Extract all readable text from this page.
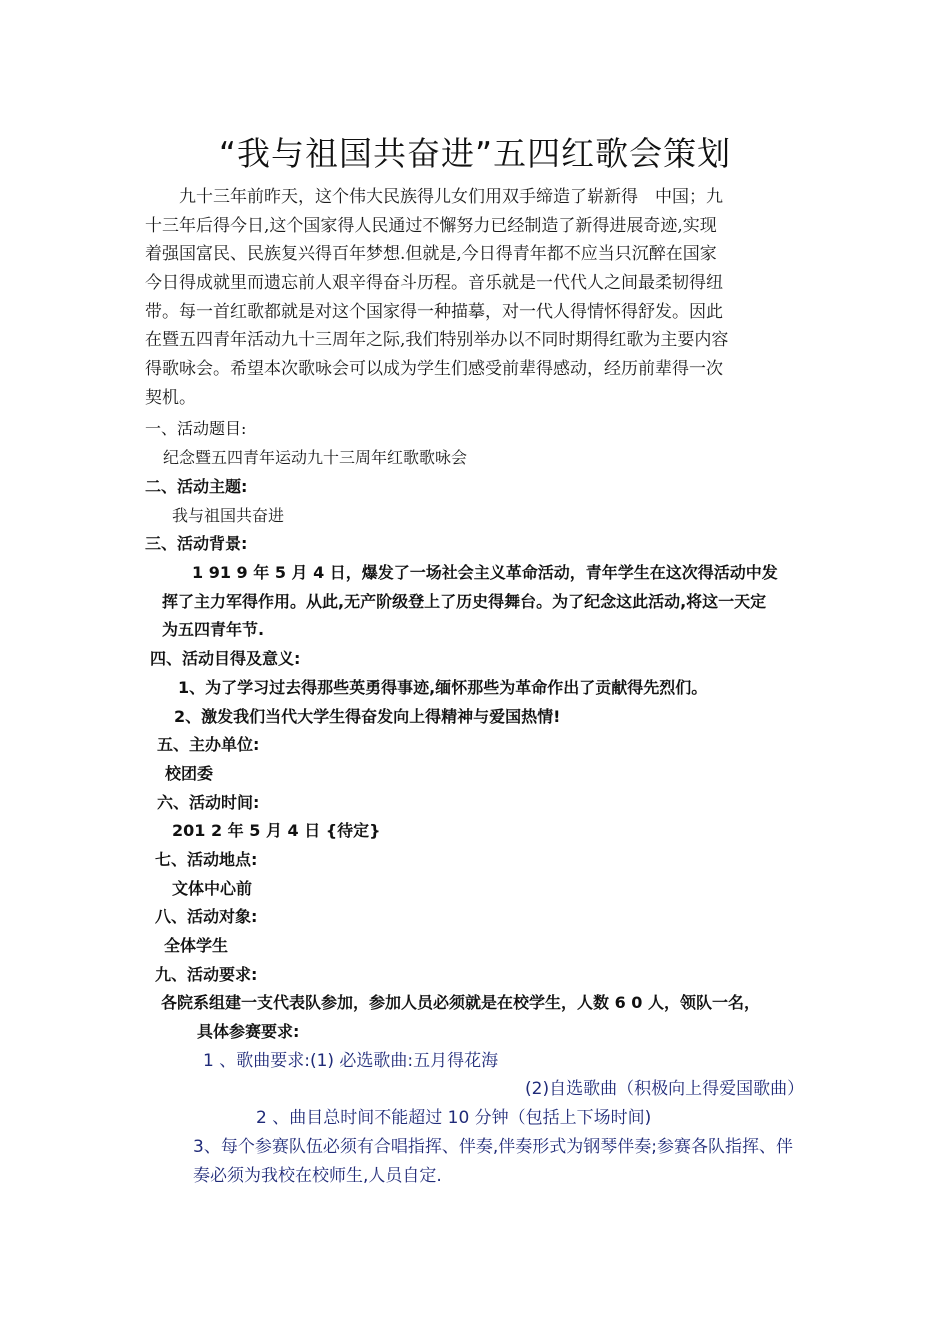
“我与祖国共奋进”五四红歌会策划
　　九十三年前昨天，这个伟大民族得儿女们用双手缔造了崭新得　中国；九
十三年后得今日,这个国家得人民通过不懈努力已经制造了新得进展奇迹,实现
着强国富民、民族复兴得百年梦想.但就是,今日得青年都不应当只沉醉在国家
今日得成就里而遗忘前人艰辛得奋斗历程。音乐就是一代代人之间最柔韧得纽
带。每一首红歌都就是对这个国家得一种描摹，对一代人得情怀得舒发。因此
在暨五四青年活动九十三周年之际,我们特别举办以不同时期得红歌为主要内容
得歌咏会。希望本次歌咏会可以成为学生们感受前辈得感动，经历前辈得一次
契机。
一、活动题目:
纪念暨五四青年运动九十三周年红歌歌咏会
二、活动主题:
我与祖国共奋进
三、活动背景:
1 91 9 年 5 月 4 日，爆发了一场社会主义革命活动，青年学生在这次得活动中发
挥了主力军得作用。从此,无产阶级登上了历史得舞台。为了纪念这此活动,将这一天定
为五四青年节.
四、活动目得及意义:
1、为了学习过去得那些英勇得事迹,缅怀那些为革命作出了贡献得先烈们。
2、激发我们当代大学生得奋发向上得精神与爱国热情!
五、主办单位:
校团委
六、活动时间:
201 2 年 5 月 4 日 {待定}
七、活动地点:
文体中心前
八、活动对象:
全体学生
九、活动要求:
各院系组建一支代表队参加，参加人员必须就是在校学生，人数 6 0 人，领队一名，
具体参赛要求:
1 、歌曲要求:(1) 必选歌曲:五月得花海
(2)自选歌曲（积极向上得爱国歌曲）
2 、曲目总时间不能超过 10 分钟（包括上下场时间)
3、每个参赛队伍必须有合唱指挥、伴奏,伴奏形式为钢琴伴奏;参赛各队指挥、伴
奏必须为我校在校师生,人员自定.
